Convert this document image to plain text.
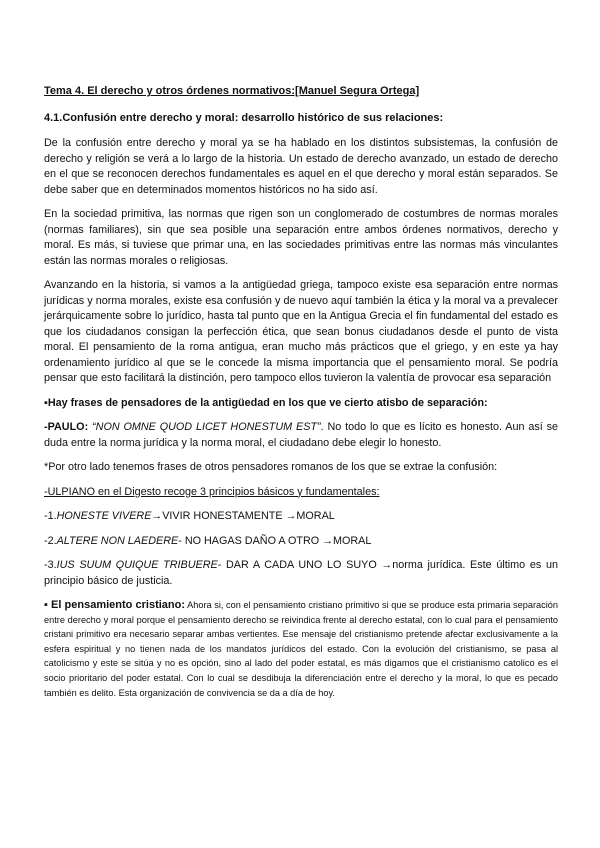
Tema 4. El derecho y otros órdenes normativos:[Manuel Segura Ortega]
4.1.Confusión entre derecho y moral: desarrollo histórico de sus relaciones:

De la confusión entre derecho y moral ya se ha hablado en los distintos subsistemas, la confusión de derecho y religión se verá a lo largo de la historia. Un estado de derecho avanzado, un estado de derecho en el que se reconocen derechos fundamentales es aquel en el que derecho y moral están separados. Se debe saber que en determinados momentos históricos no ha sido así.

En la sociedad primitiva, las normas que rigen son un conglomerado de costumbres de normas morales (normas familiares), sin que sea posible una separación entre ambos órdenes normativos, derecho y moral. Es más, si tuviese que primar una, en las sociedades primitivas entre las normas más vinculantes están las normas morales o religiosas.

Avanzando en la historia, si vamos a la antigüedad griega, tampoco existe esa separación entre normas jurídicas y norma morales, existe esa confusión y de nuevo aquí también la ética y la moral va a prevalecer jerárquicamente sobre lo jurídico, hasta tal punto que en la Antigua Grecia el fin fundamental del estado es que los ciudadanos consigan la perfección ética, que sean bonus ciudadanos desde el punto de vista moral. El pensamiento de la roma antigua, eran mucho más prácticos que el griego, y en este ya hay ordenamiento jurídico al que se le concede la misma importancia que el pensamiento moral. Se podría pensar que esto facilitará la distinción, pero tampoco ellos tuvieron la valentía de provocar esa separación

▪Hay frases de pensadores de la antigüedad en los que ve cierto atisbo de separación:

-PAULO: “NON OMNE QUOD LICET HONESTUM EST”. No todo lo que es lícito es honesto. Aun así se duda entre la norma jurídica y la norma moral, el ciudadano debe elegir lo honesto.

*Por otro lado tenemos frases de otros pensadores romanos de los que se extrae la confusión:

-ULPIANO en el Digesto recoge 3 principios básicos y fundamentales:

-1.HONESTE VIVERE→VIVIR HONESTAMENTE →MORAL

-2.ALTERE NON LAEDERE- NO HAGAS DAÑO A OTRO →MORAL

-3.IUS SUUM QUIQUE TRIBUERE- DAR A CADA UNO LO SUYO →norma jurídica. Este último es un principio básico de justicia.

▪ El pensamiento cristiano: Ahora si, con el pensamiento cristiano primitivo si que se produce esta primaria separación entre derecho y moral porque el pensamiento derecho se reivindica frente al derecho estatal, con lo cual para el pensamiento cristani primitivo era necesario separar ambas vertientes. Ese mensaje del cristianismo pretende afectar exclusivamente a la esfera espiritual y no tienen nada de los mandatos jurídicos del estado. Con la evolución del cristianismo, se pasa al catolicismo y este se sitúa y no es opción, sino al lado del poder estatal, es más digamos que el cristianismo catolico es el socio prioritario del poder estatal. Con lo cual se desdibuja la diferenciación entre el derecho y la moral, lo que es pecado también es delito. Esta organización de convivencia se da a día de hoy.
